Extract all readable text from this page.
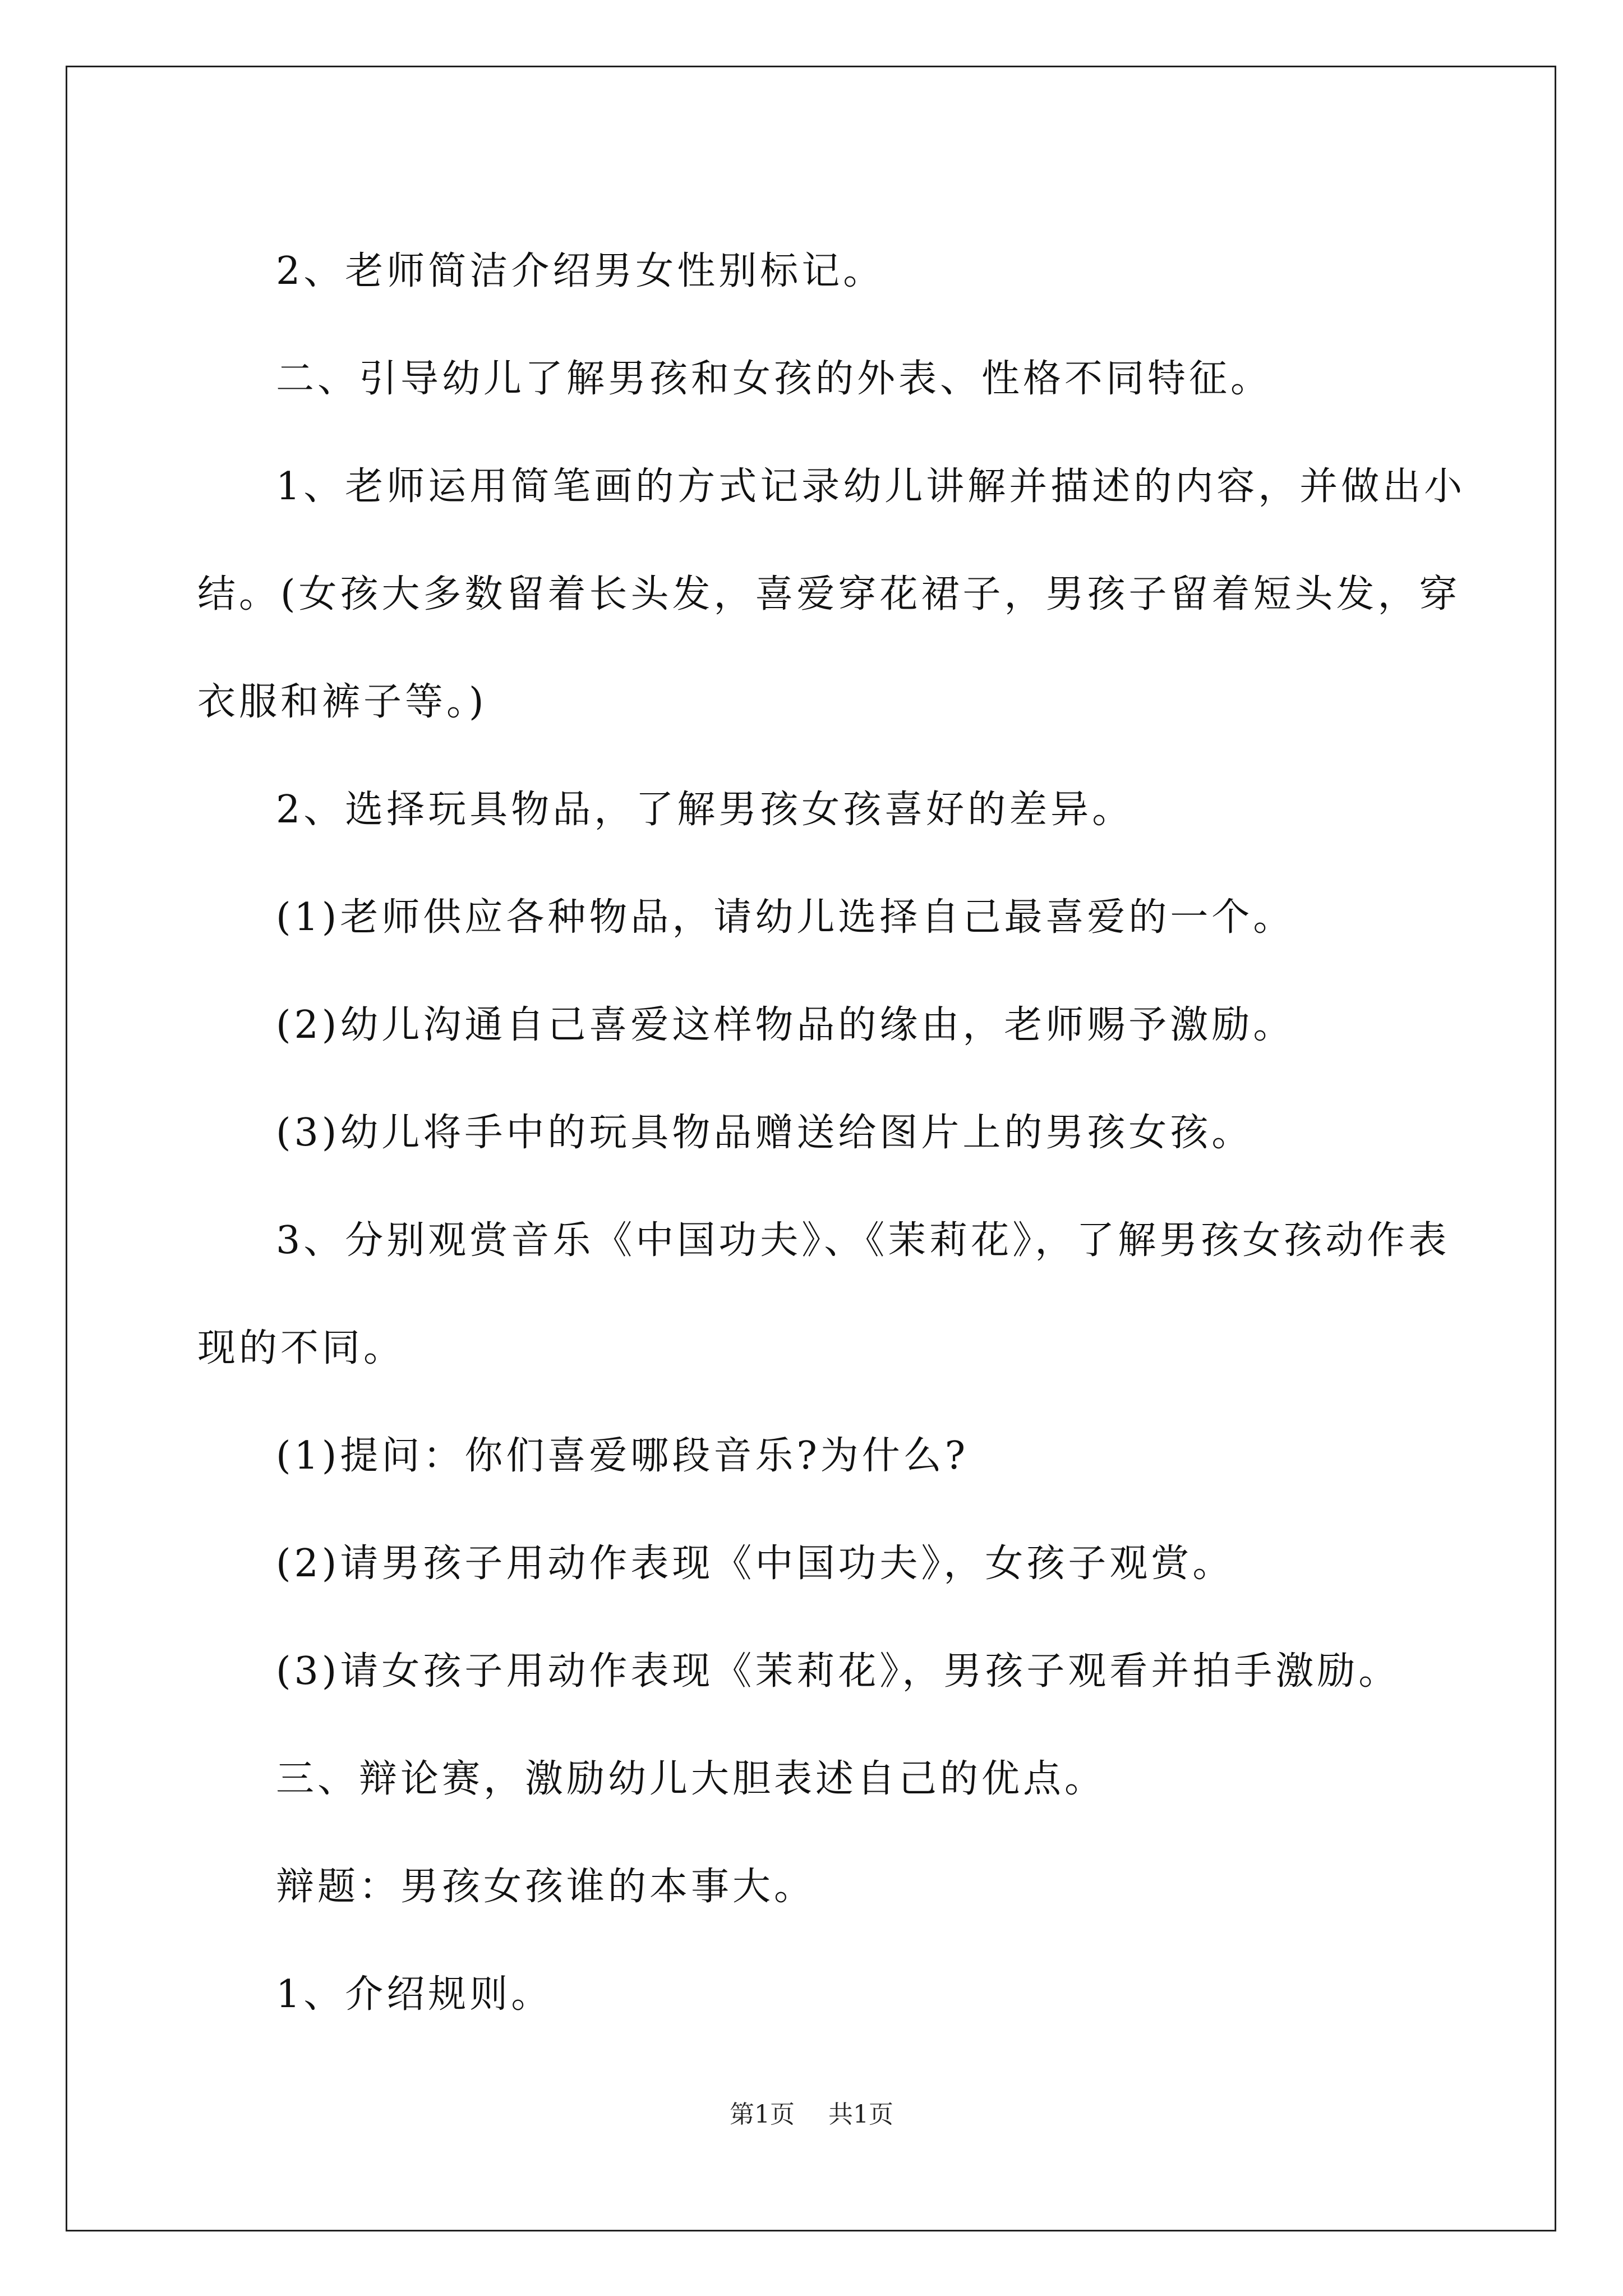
2、老师简洁介绍男女性别标记。

二、引导幼儿了解男孩和女孩的外表、性格不同特征。

1、老师运用简笔画的方式记录幼儿讲解并描述的内容，并做出小

结。(女孩大多数留着长头发，喜爱穿花裙子，男孩子留着短头发，穿

衣服和裤子等。)

2、选择玩具物品，了解男孩女孩喜好的差异。

(1)老师供应各种物品，请幼儿选择自己最喜爱的一个。

(2)幼儿沟通自己喜爱这样物品的缘由，老师赐予激励。

(3)幼儿将手中的玩具物品赠送给图片上的男孩女孩。

3、分别观赏音乐《中国功夫》、《茉莉花》，了解男孩女孩动作表

现的不同。

(1)提问：你们喜爱哪段音乐?为什么?

(2)请男孩子用动作表现《中国功夫》，女孩子观赏。

(3)请女孩子用动作表现《茉莉花》，男孩子观看并拍手激励。

三、辩论赛，激励幼儿大胆表述自己的优点。

辩题：男孩女孩谁的本事大。

1、介绍规则。

第1页 共1页
